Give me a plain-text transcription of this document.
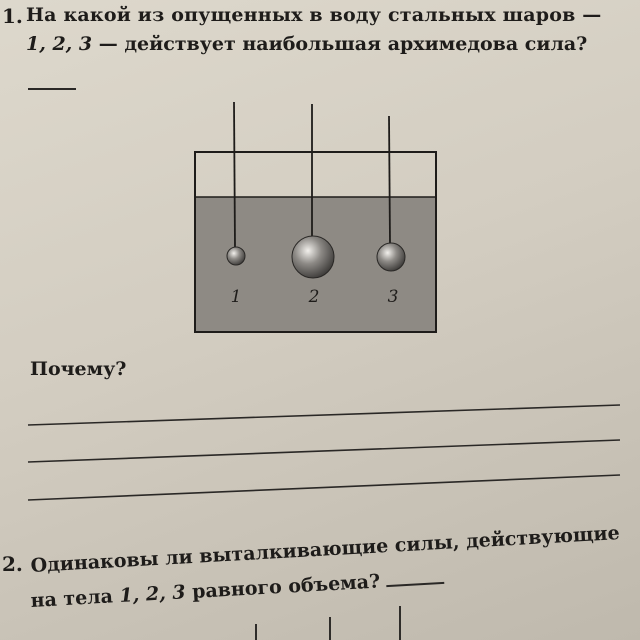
1. На какой из опущенных в воду стальных шаров —
1, 2, 3 — действует наибольшая архимедова сила?
1	2	3
Почему?
2. Одинаковы ли выталкивающие силы, действующие
на тела 1, 2, 3 равного объема?
